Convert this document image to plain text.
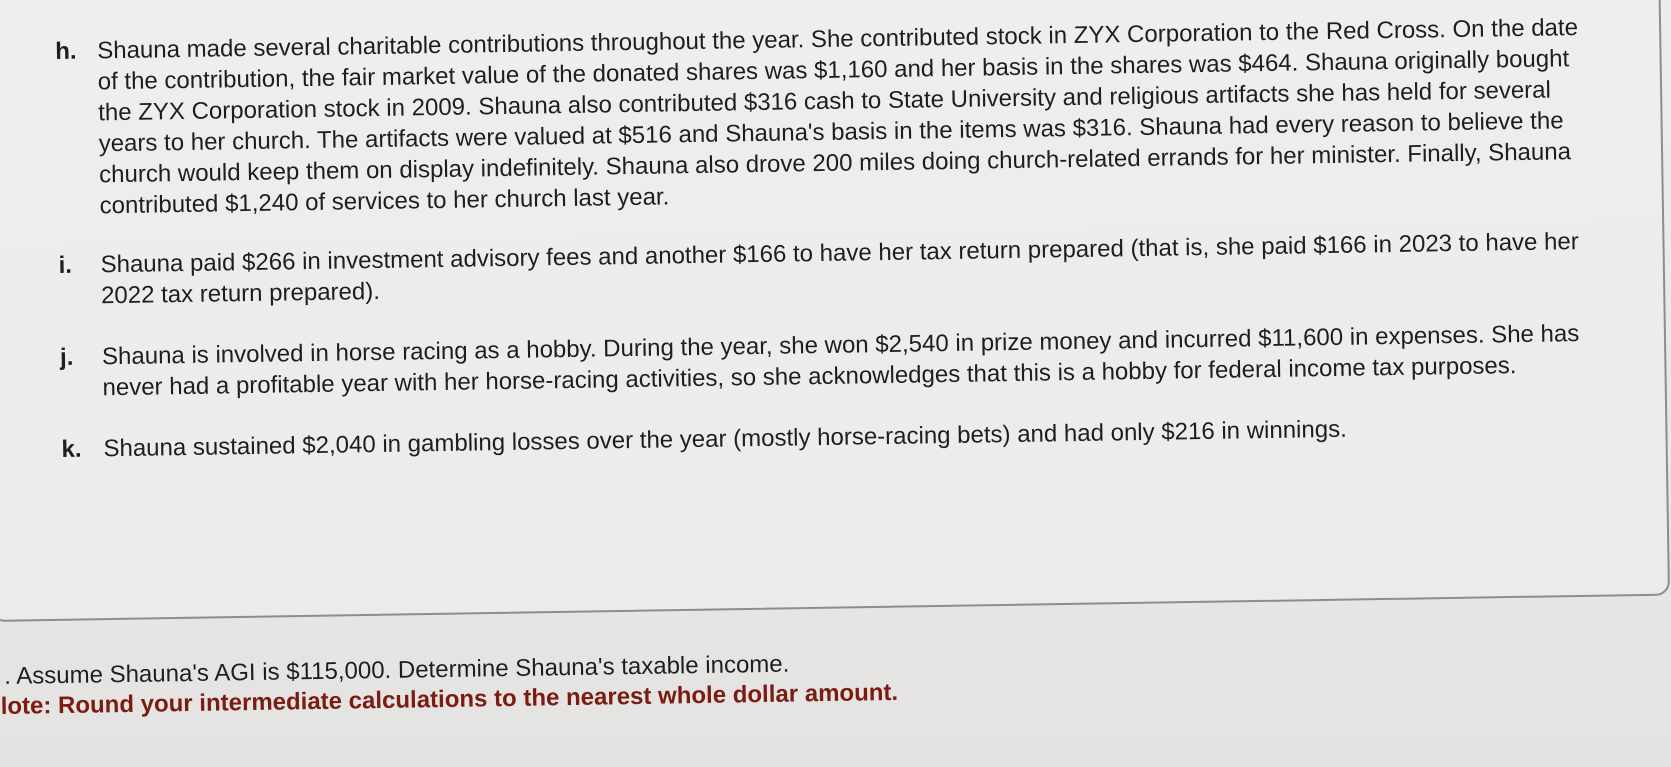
h. Shauna made several charitable contributions throughout the year. She contributed stock in ZYX Corporation to the Red Cross. On the date of the contribution, the fair market value of the donated shares was $1,160 and her basis in the shares was $464. Shauna originally bought the ZYX Corporation stock in 2009. Shauna also contributed $316 cash to State University and religious artifacts she has held for several years to her church. The artifacts were valued at $516 and Shauna's basis in the items was $316. Shauna had every reason to believe the church would keep them on display indefinitely. Shauna also drove 200 miles doing church-related errands for her minister. Finally, Shauna contributed $1,240 of services to her church last year.
i.	Shauna paid $266 in investment advisory fees and another $166 to have her tax return prepared (that is, she paid $166 in 2023 to have her 2022 tax return prepared).
j.	Shauna is involved in horse racing as a hobby. During the year, she won $2,540 in prize money and incurred $11,600 in expenses. She has never had a profitable year with her horse-racing activities, so she acknowledges that this is a hobby for federal income tax purposes.
k. Shauna sustained $2,040 in gambling losses over the year (mostly horse-racing bets) and had only $216 in winnings.
. Assume Shauna's AGI is $115,000. Determine Shauna's taxable income.
lote: Round your intermediate calculations to the nearest whole dollar amount.
